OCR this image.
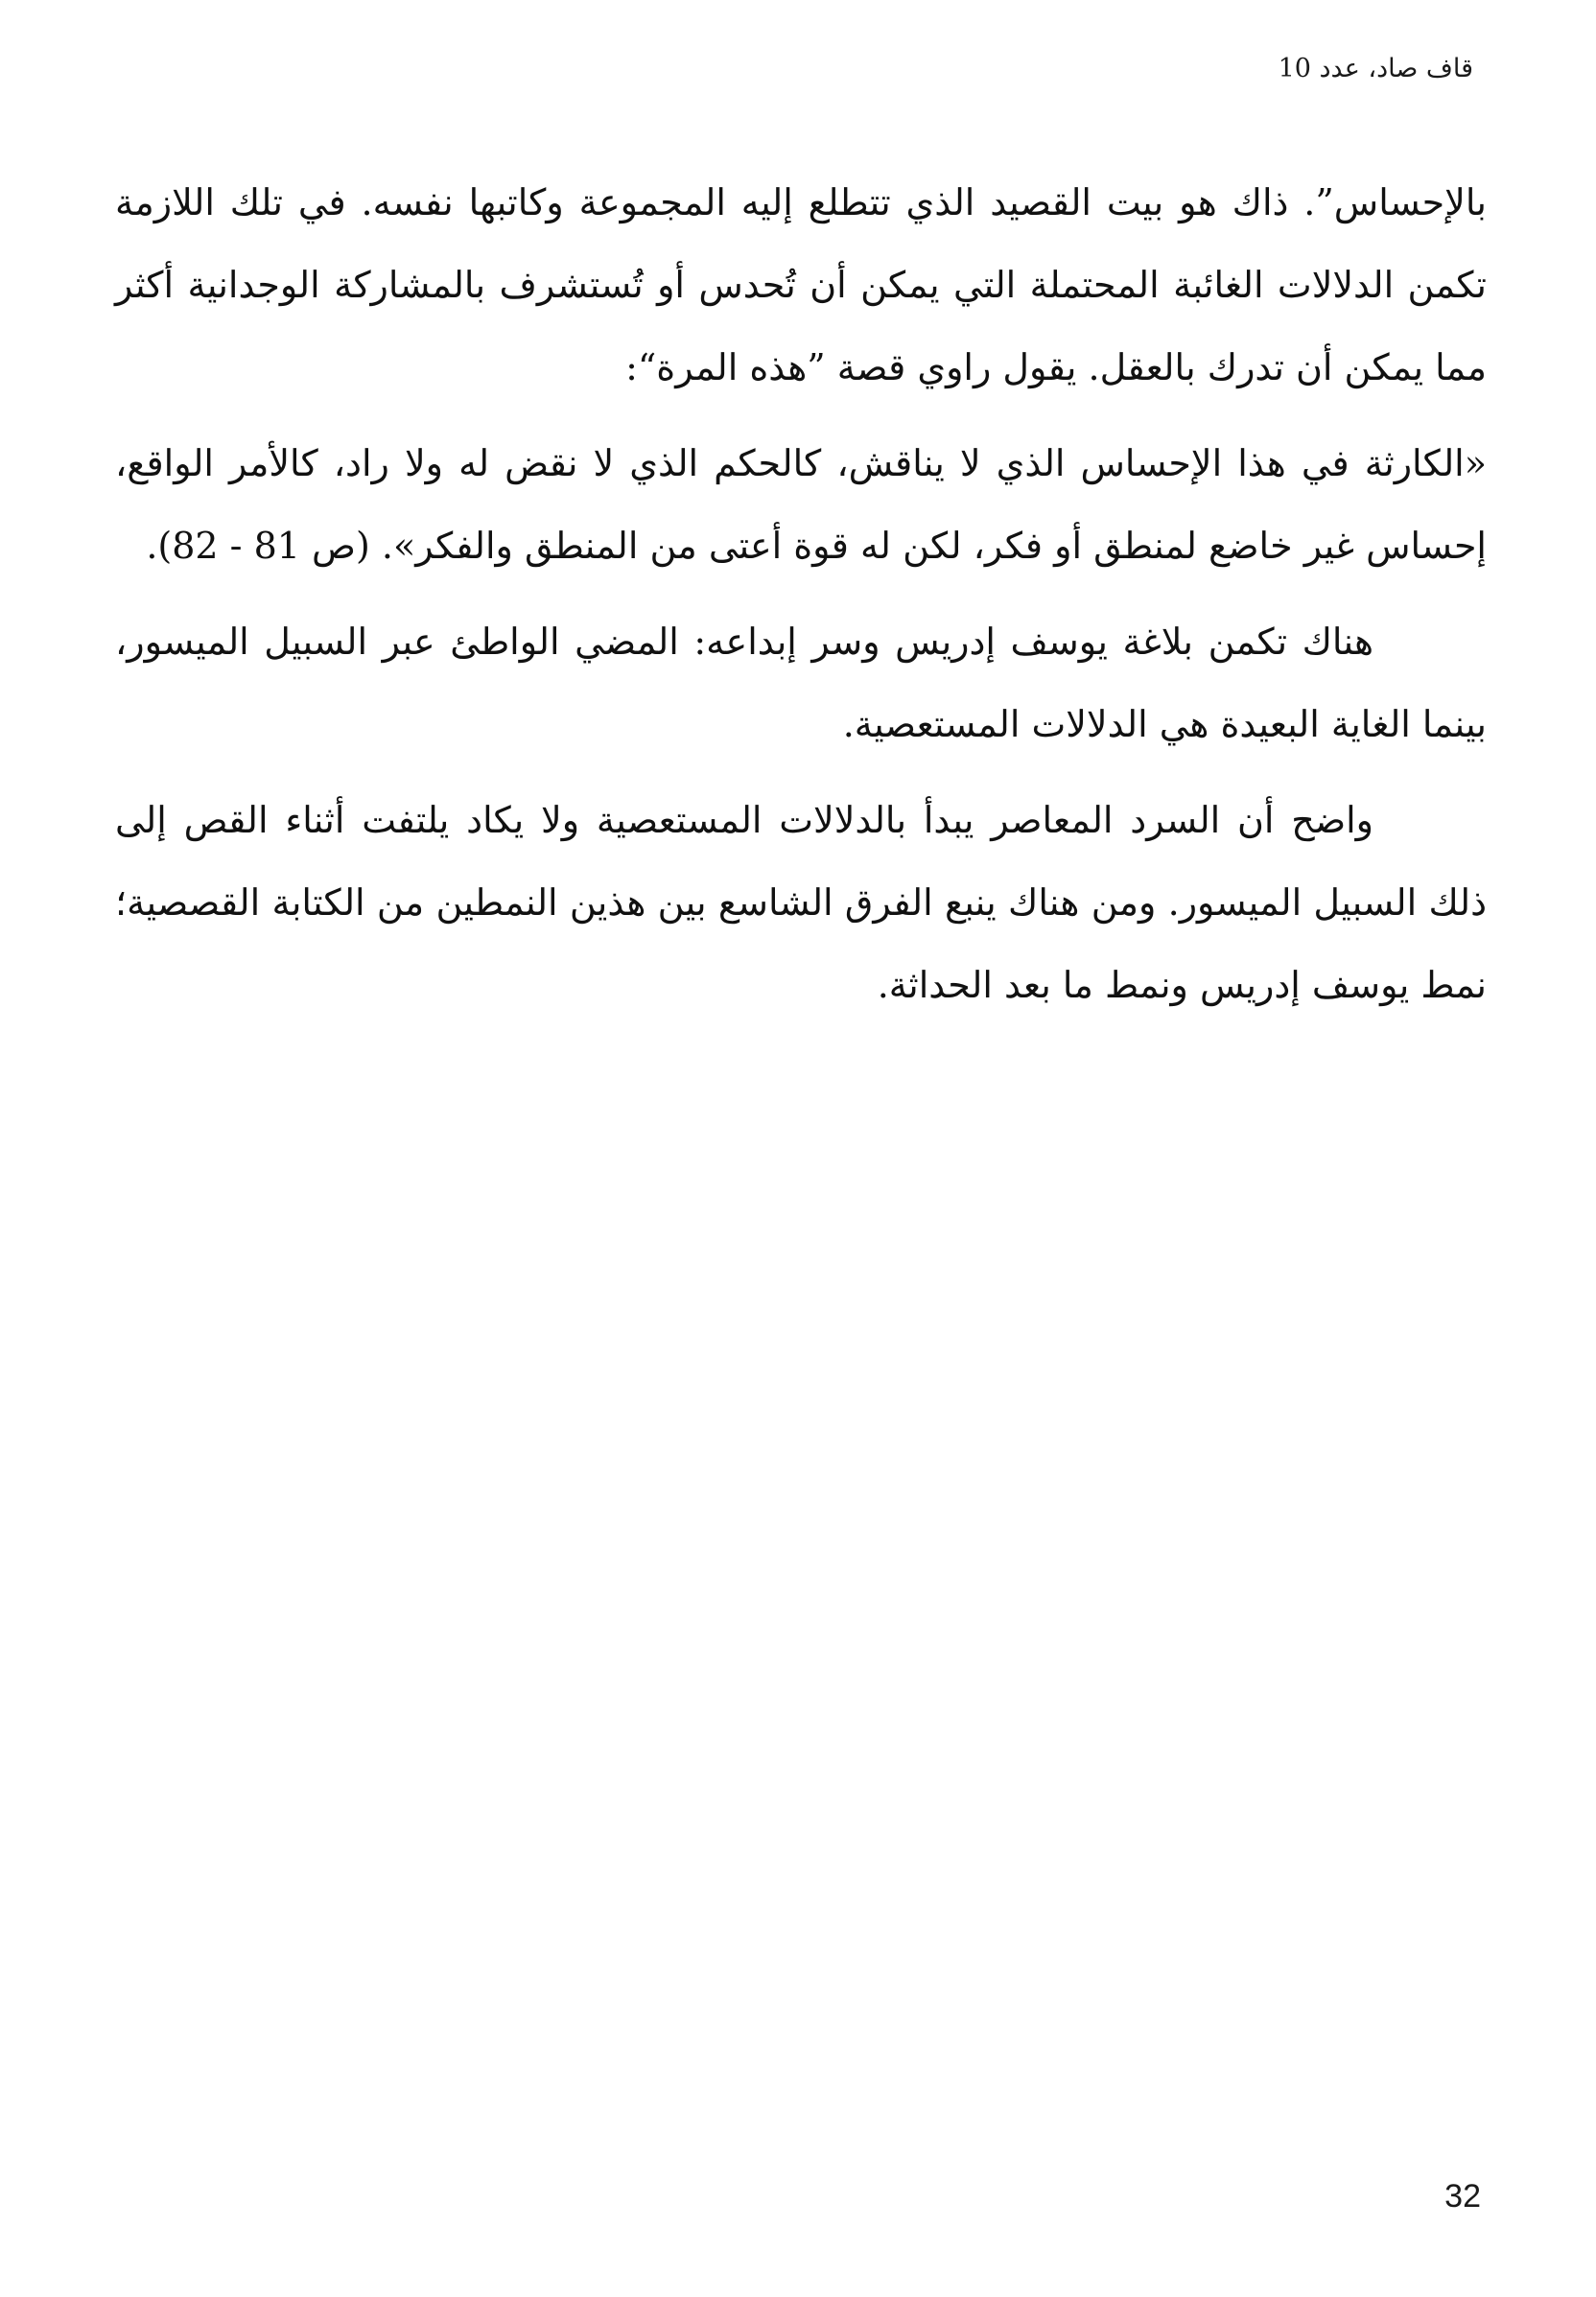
قاف صاد، عدد 10

بالإحساس”. ذاك هو بيت القصيد الذي تتطلع إليه المجموعة وكاتبها نفسه. في تلك اللازمة تكمن الدلالات الغائبة المحتملة التي يمكن أن تُحدس أو تُستشرف بالمشاركة الوجدانية أكثر مما يمكن أن تدرك بالعقل. يقول راوي قصة ”هذه المرة“:

«الكارثة في هذا الإحساس الذي لا يناقش، كالحكم الذي لا نقض له ولا راد، كالأمر الواقع، إحساس غير خاضع لمنطق أو فكر، لكن له قوة أعتى من المنطق والفكر». (ص 81 - 82).

هناك تكمن بلاغة يوسف إدريس وسر إبداعه: المضي الواطئ عبر السبيل الميسور، بينما الغاية البعيدة هي الدلالات المستعصية.

واضح أن السرد المعاصر يبدأ بالدلالات المستعصية ولا يكاد يلتفت أثناء القص إلى ذلك السبيل الميسور. ومن هناك ينبع الفرق الشاسع بين هذين النمطين من الكتابة القصصية؛ نمط يوسف إدريس ونمط ما بعد الحداثة.

32
